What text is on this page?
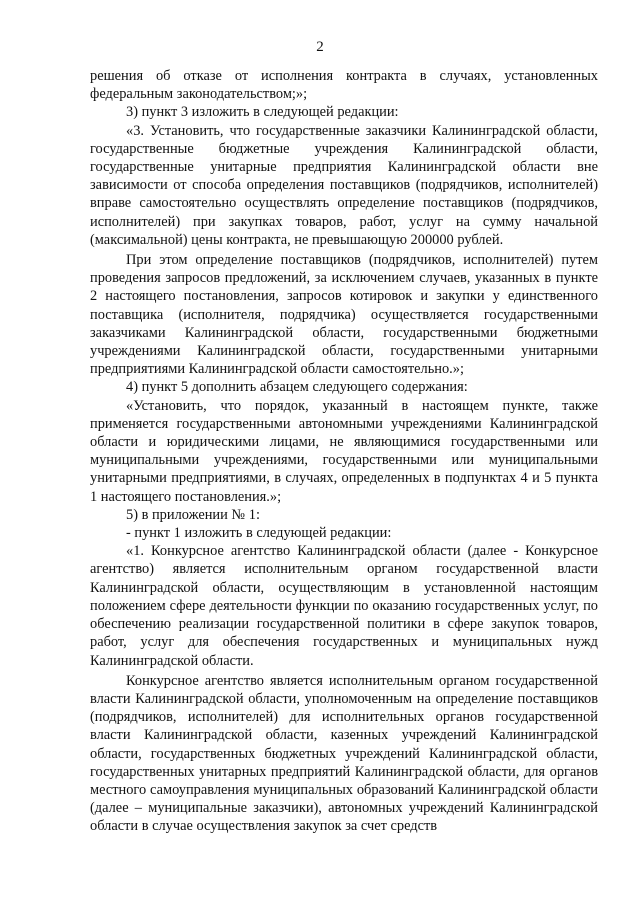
2

решения об отказе от исполнения контракта в случаях, установленных федеральным законодательством;»;

3) пункт 3 изложить в следующей редакции:

«3. Установить, что государственные заказчики Калининградской области, государственные бюджетные учреждения Калининградской области, государственные унитарные предприятия Калининградской области вне зависимости от способа определения поставщиков (подрядчиков, исполнителей) вправе самостоятельно осуществлять определение поставщиков (подрядчиков, исполнителей) при закупках товаров, работ, услуг на сумму начальной (максимальной) цены контракта, не превышающую 200000 рублей.

При этом определение поставщиков (подрядчиков, исполнителей) путем проведения запросов предложений, за исключением случаев, указанных в пункте 2 настоящего постановления, запросов котировок и закупки у единственного поставщика (исполнителя, подрядчика) осуществляется государственными заказчиками Калининградской области, государственными бюджетными учреждениями Калининградской области, государственными унитарными предприятиями Калининградской области самостоятельно.»;

4) пункт 5 дополнить абзацем следующего содержания:

«Установить, что порядок, указанный в настоящем пункте, также применяется государственными автономными учреждениями Калининградской области и юридическими лицами, не являющимися государственными или муниципальными учреждениями, государственными или муниципальными унитарными предприятиями, в случаях, определенных в подпунктах 4 и 5 пункта 1 настоящего постановления.»;

5) в приложении № 1:

- пункт 1 изложить в следующей редакции:

«1. Конкурсное агентство Калининградской области (далее - Конкурсное агентство) является исполнительным органом государственной власти Калининградской области, осуществляющим в установленной настоящим положением сфере деятельности функции по оказанию государственных услуг, по обеспечению реализации государственной политики в сфере закупок товаров, работ, услуг для обеспечения государственных и муниципальных нужд Калининградской области.

Конкурсное агентство является исполнительным органом государственной власти Калининградской области, уполномоченным на определение поставщиков (подрядчиков, исполнителей) для исполнительных органов государственной власти Калининградской области, казенных учреждений Калининградской области, государственных бюджетных учреждений Калининградской области, государственных унитарных предприятий Калининградской области, для органов местного самоуправления муниципальных образований Калининградской области (далее – муниципальные заказчики), автономных учреждений Калининградской области в случае осуществления закупок за счет средств
